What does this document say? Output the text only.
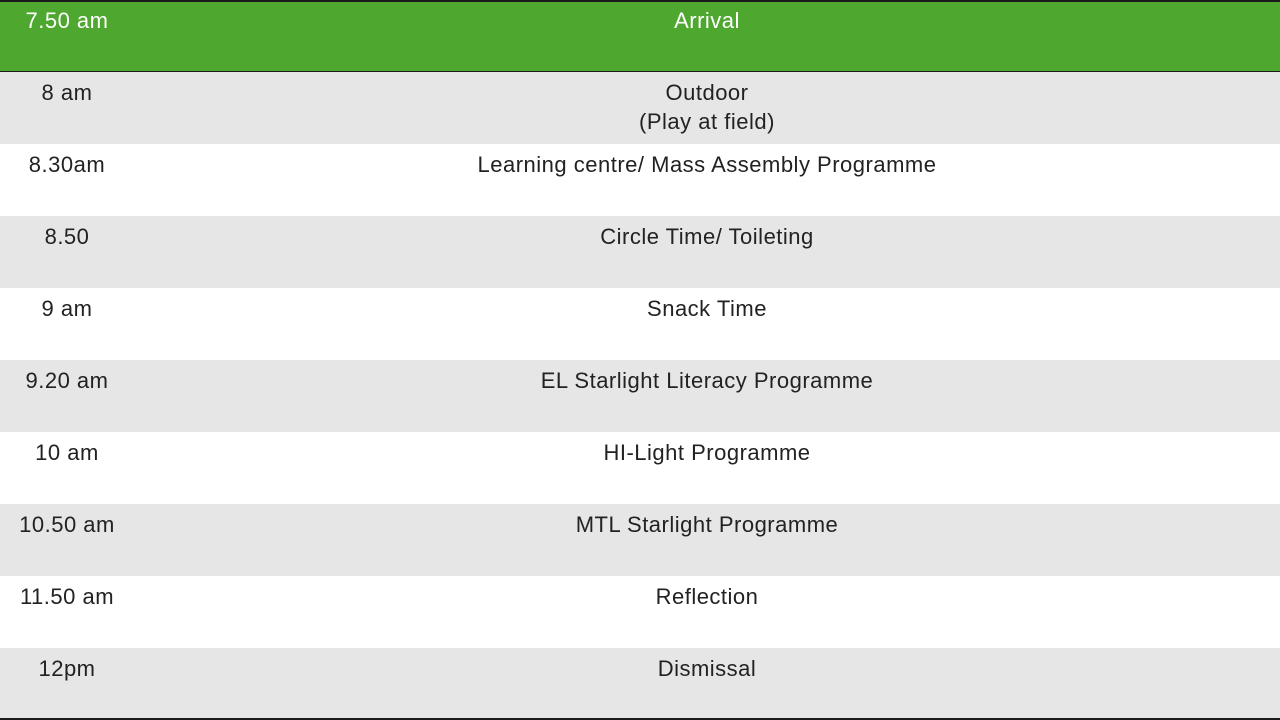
7.50 am	Arrival
8 am	Outdoor
(Play at field)
8.30am	Learning centre/ Mass Assembly Programme
8.50	Circle Time/ Toileting
9 am	Snack Time
9.20 am	EL Starlight Literacy Programme
10 am	HI-Light Programme
10.50 am	MTL Starlight Programme
11.50 am	Reflection
12pm	Dismissal
